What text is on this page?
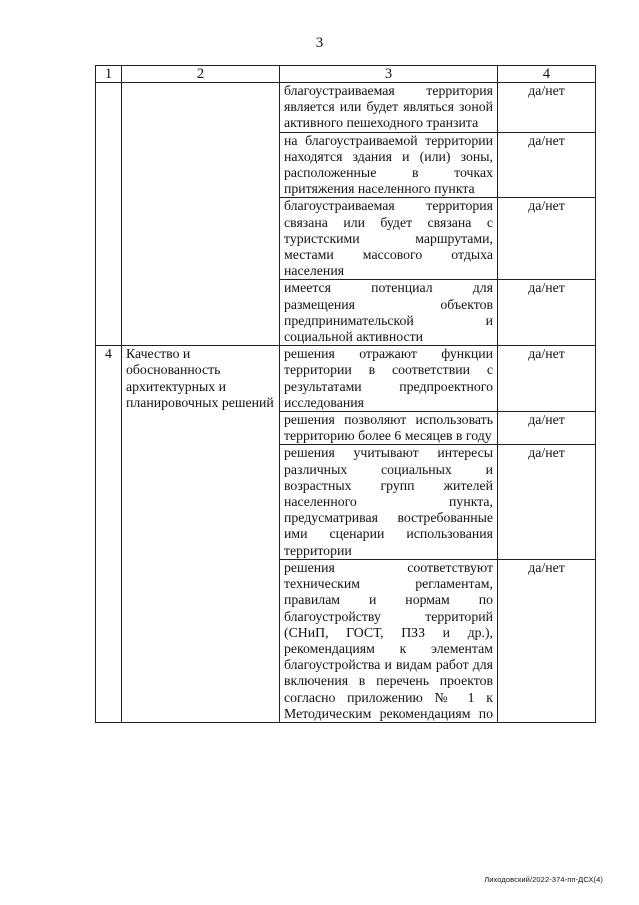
3
1	2	3	4
		благоустраиваемая территория является или будет являться зоной активного пешеходного транзита	да/нет
		на благоустраиваемой территории находятся здания и (или) зоны, расположенные в точках притяжения населенного пункта	да/нет
		благоустраиваемая территория связана или будет связана с туристскими маршрутами, местами массового отдыха населения	да/нет
		имеется потенциал для размещения объектов предпринимательской и социальной активности	да/нет
4	Качество и обоснованность архитектурных и планировочных решений	решения отражают функции территории в соответствии с результатами предпроектного исследования	да/нет
		решения позволяют использовать территорию более 6 месяцев в году	да/нет
		решения учитывают интересы различных социальных и возрастных групп жителей населенного пункта, предусматривая востребованные ими сценарии использования территории	да/нет
		решения соответствуют техническим регламентам, правилам и нормам по благоустройству территорий (СНиП, ГОСТ, ПЗЗ и др.), рекомендациям к элементам благоустройства и видам работ для включения в перечень проектов согласно приложению № 1 к Методическим рекомендациям по	да/нет
Лиходовский/2022-374-пп-ДСХ(4)
